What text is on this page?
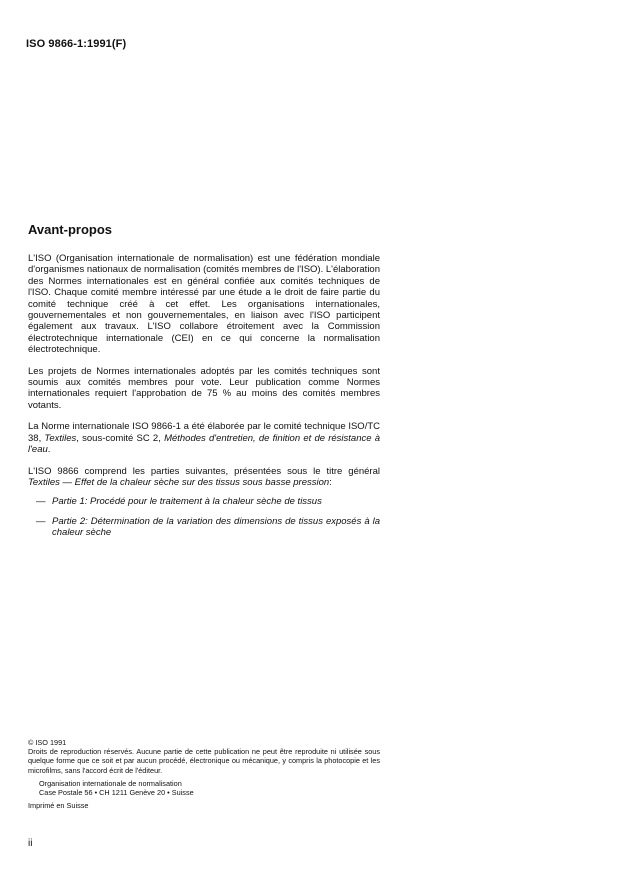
ISO 9866-1:1991(F)
Avant-propos

L'ISO (Organisation internationale de normalisation) est une fédération mondiale d'organismes nationaux de normalisation (comités membres de l'ISO). L'élaboration des Normes internationales est en général confiée aux comités techniques de l'ISO. Chaque comité membre intéressé par une étude a le droit de faire partie du comité technique créé à cet effet. Les organisations internationales, gouvernementales et non gouvernementales, en liaison avec l'ISO participent également aux travaux. L'ISO collabore étroitement avec la Commission électrotechnique internationale (CEI) en ce qui concerne la normalisation électrotechnique.

Les projets de Normes internationales adoptés par les comités techniques sont soumis aux comités membres pour vote. Leur publication comme Normes internationales requiert l'approbation de 75 % au moins des comités membres votants.

La Norme internationale ISO 9866-1 a été élaborée par le comité technique ISO/TC 38, Textiles, sous-comité SC 2, Méthodes d'entretien, de finition et de résistance à l'eau.

L'ISO 9866 comprend les parties suivantes, présentées sous le titre général Textiles — Effet de la chaleur sèche sur des tissus sous basse pression:

— Partie 1: Procédé pour le traitement à la chaleur sèche de tissus
— Partie 2: Détermination de la variation des dimensions de tissus exposés à la chaleur sèche

© ISO 1991

Droits de reproduction réservés. Aucune partie de cette publication ne peut être reproduite ni utilisée sous quelque forme que ce soit et par aucun procédé, électronique ou mécanique, y compris la photocopie et les microfilms, sans l'accord écrit de l'éditeur.

Organisation internationale de normalisation

Case Postale 56 • CH 1211 Genève 20 • Suisse

Imprimé en Suisse

ii
